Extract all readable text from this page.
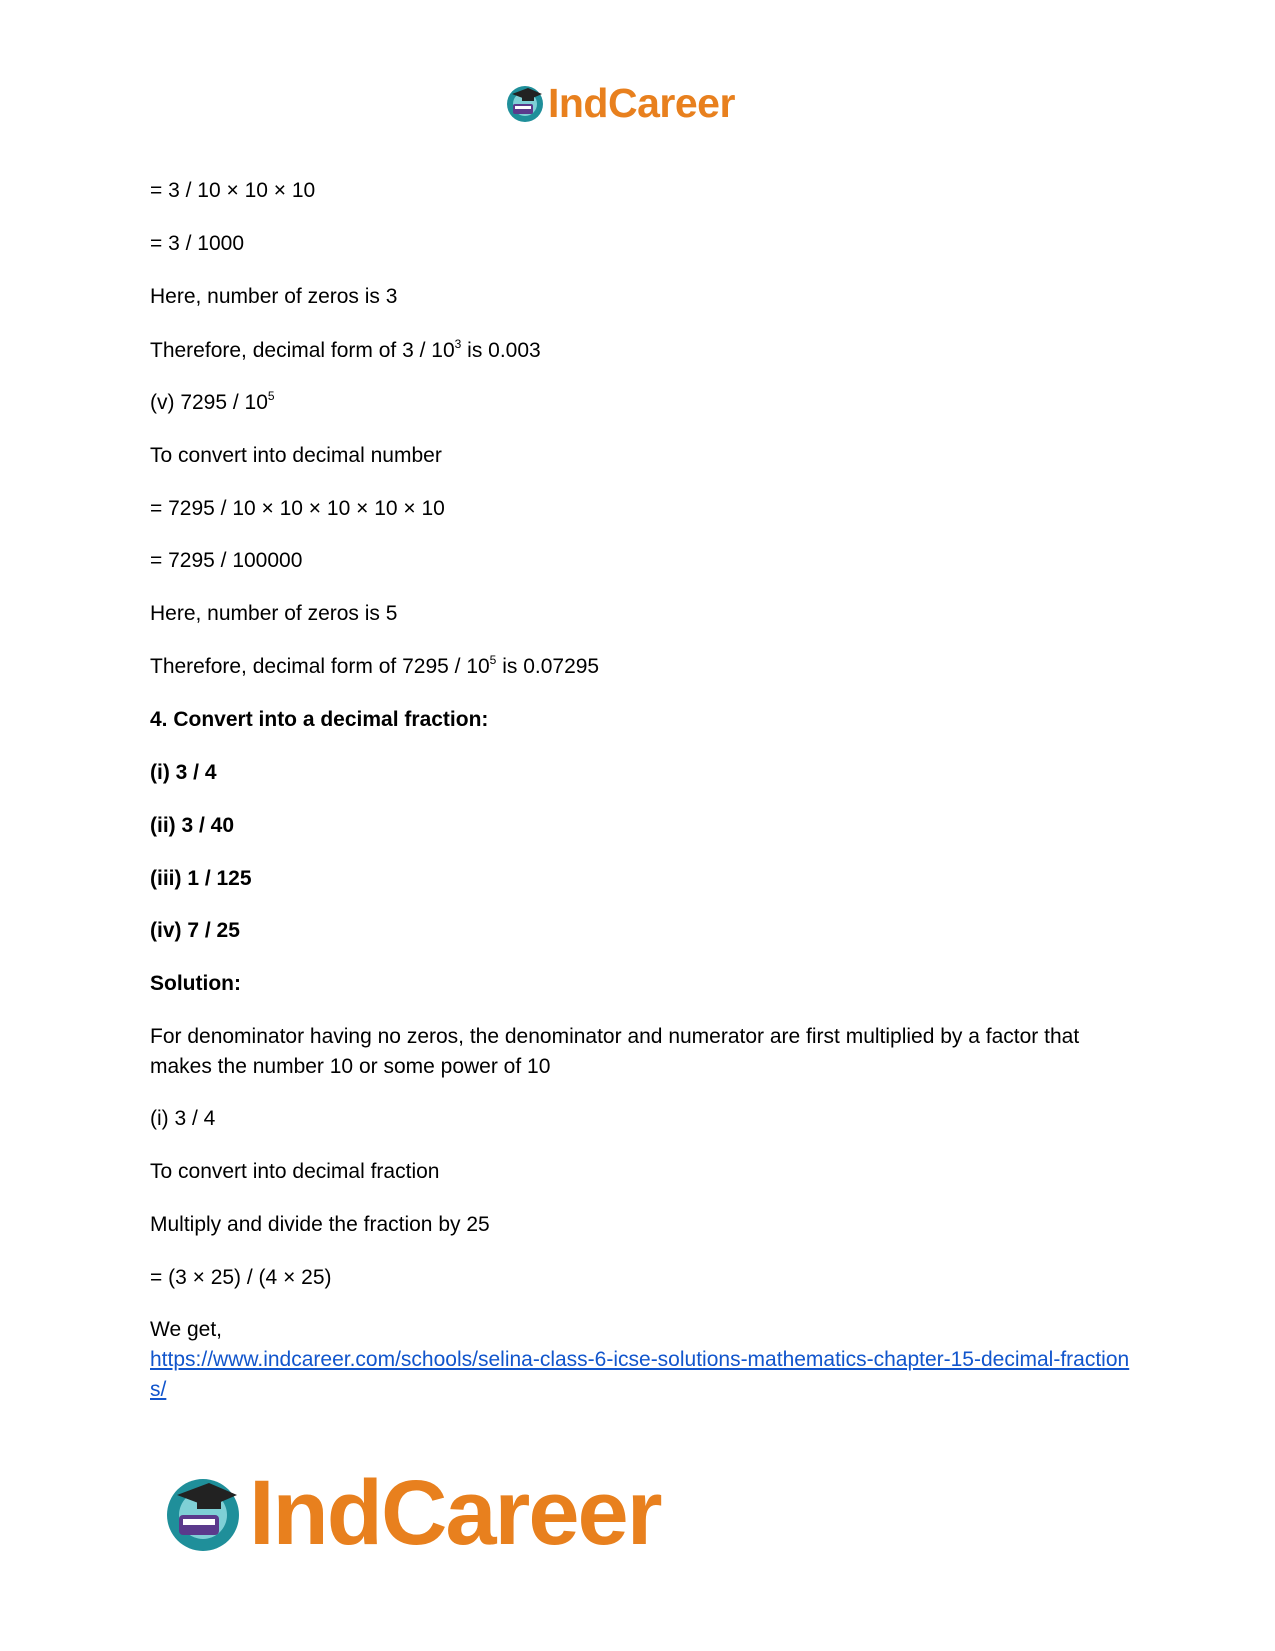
IndCareer
= 3 / 10 × 10 × 10
= 3 / 1000
Here, number of zeros is 3
Therefore, decimal form of $3 / 10^3$ is 0.003
(v) $7295 / 10^5$
To convert into decimal number
= 7295 / 10 × 10 × 10 × 10 × 10
= 7295 / 100000
Here, number of zeros is 5
Therefore, decimal form of $7295 / 10^5$ is 0.07295
4. Convert into a decimal fraction:
(i) 3 / 4
(ii) 3 / 40
(iii) 1 / 125
(iv) 7 / 25
Solution:
For denominator having no zeros, the denominator and numerator are first multiplied by a factor that makes the number 10 or some power of 10
(i) 3 / 4
To convert into decimal fraction
Multiply and divide the fraction by 25
= (3 × 25) / (4 × 25)
We get,
https://www.indcareer.com/schools/selina-class-6-icse-solutions-mathematics-chapter-15-decimal-fractions/
IndCareer
